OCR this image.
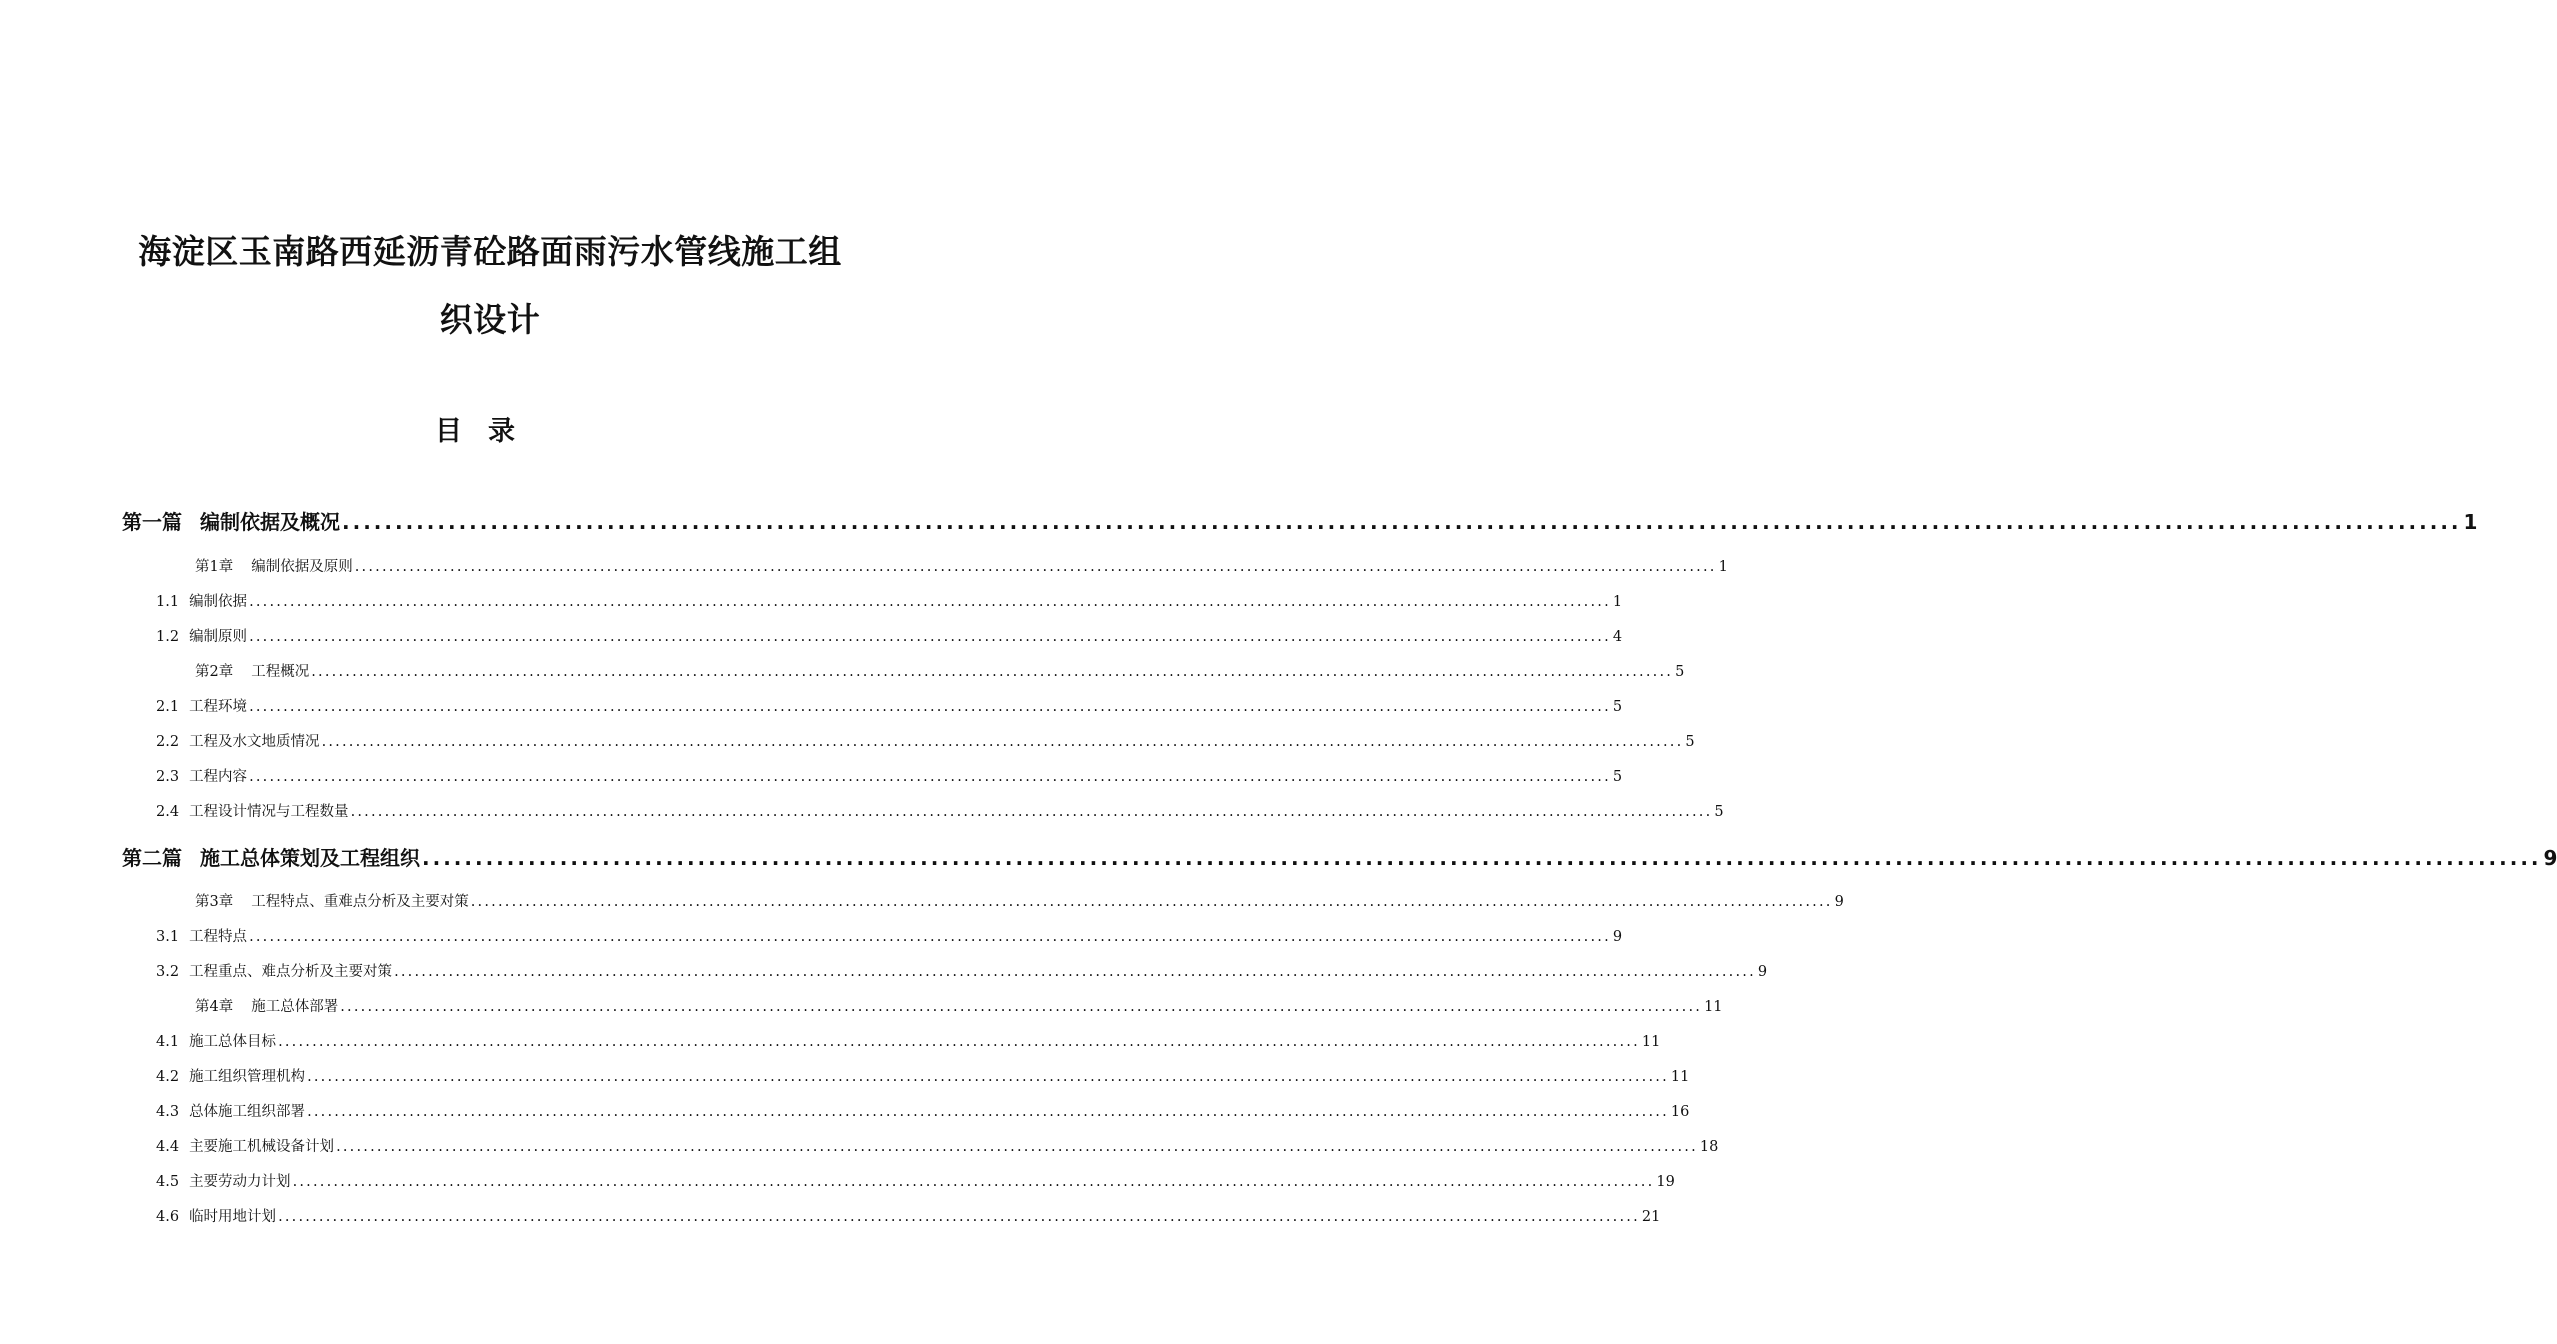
海淀区玉南路西延沥青砼路面雨污水管线施工组
织设计
目录
第一篇 编制依据及概况 ........................................................................................................................................................................................................ 1
第1章 编制依据及原则 ........................................................................................................................................................................................................ 1
1.1 编制依据 ........................................................................................................................................................................................................ 1
1.2 编制原则 ........................................................................................................................................................................................................ 4
第2章 工程概况 ........................................................................................................................................................................................................ 5
2.1 工程环境 ........................................................................................................................................................................................................ 5
2.2 工程及水文地质情况 ........................................................................................................................................................................................................ 5
2.3 工程内容 ........................................................................................................................................................................................................ 5
2.4 工程设计情况与工程数量 ........................................................................................................................................................................................................ 5
第二篇 施工总体策划及工程组织 ........................................................................................................................................................................................................ 9
第3章 工程特点、重难点分析及主要对策 ........................................................................................................................................................................................................ 9
3.1 工程特点 ........................................................................................................................................................................................................ 9
3.2 工程重点、难点分析及主要对策 ........................................................................................................................................................................................................ 9
第4章 施工总体部署 ........................................................................................................................................................................................................ 11
4.1 施工总体目标 ........................................................................................................................................................................................................ 11
4.2 施工组织管理机构 ........................................................................................................................................................................................................ 11
4.3 总体施工组织部署 ........................................................................................................................................................................................................ 16
4.4 主要施工机械设备计划 ........................................................................................................................................................................................................ 18
4.5 主要劳动力计划 ........................................................................................................................................................................................................ 19
4.6 临时用地计划 ........................................................................................................................................................................................................ 21
